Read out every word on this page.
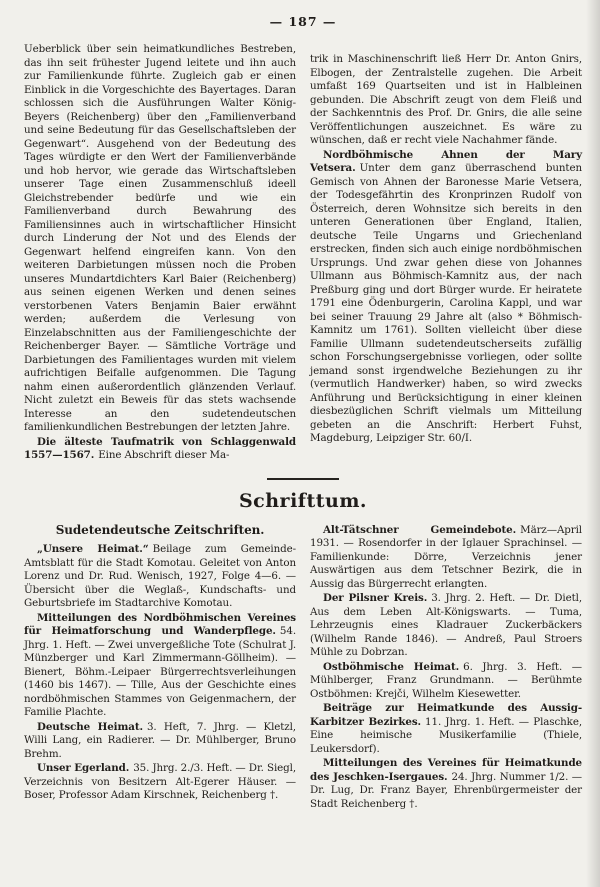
— 187 —

Ueberblick über sein heimatkundliches Bestreben, das ihn seit frühester Jugend leitete und ihn auch zur Familienkunde führte. Zugleich gab er einen Einblick in die Vorgeschichte des Bayertages. Daran schlossen sich die Ausführungen Walter König-Beyers (Reichenberg) über den „Familienverband und seine Bedeutung für das Gesellschaftsleben der Gegenwart“. Ausgehend von der Bedeutung des Tages würdigte er den Wert der Familienverbände und hob hervor, wie gerade das Wirtschaftsleben unserer Tage einen Zusammenschluß ideell Gleichstrebender bedürfe und wie ein Familienverband durch Bewahrung des Familiensinnes auch in wirtschaftlicher Hinsicht durch Linderung der Not und des Elends der Gegenwart helfend eingreifen kann. Von den weiteren Darbietungen müssen noch die Proben unseres Mundartdichters Karl Baier (Reichenberg) aus seinen eigenen Werken und denen seines verstorbenen Vaters Benjamin Baier erwähnt werden; außerdem die Verlesung von Einzelabschnitten aus der Familiengeschichte der Reichenberger Bayer. — Sämtliche Vorträge und Darbietungen des Familientages wurden mit vielem aufrichtigen Beifalle aufgenommen. Die Tagung nahm einen außerordentlich glänzenden Verlauf. Nicht zuletzt ein Beweis für das stets wachsende Interesse an den sudetendeutschen familienkundlichen Bestrebungen der letzten Jahre.

Die älteste Taufmatrik von Schlaggenwald 1557—1567. Eine Abschrift dieser Ma-

trik in Maschinenschrift ließ Herr Dr. Anton Gnirs, Elbogen, der Zentralstelle zugehen. Die Arbeit umfaßt 169 Quartseiten und ist in Halbleinen gebunden. Die Abschrift zeugt von dem Fleiß und der Sachkenntnis des Prof. Dr. Gnirs, die alle seine Veröffentlichungen auszeichnet. Es wäre zu wünschen, daß er recht viele Nachahmer fände.

Nordböhmische Ahnen der Mary Vetsera. Unter dem ganz überraschend bunten Gemisch von Ahnen der Baronesse Marie Vetsera, der Todesgefährtin des Kronprinzen Rudolf von Österreich, deren Wohnsitze sich bereits in den unteren Generationen über England, Italien, deutsche Teile Ungarns und Griechenland erstrecken, finden sich auch einige nordböhmischen Ursprungs. Und zwar gehen diese von Johannes Ullmann aus Böhmisch-Kamnitz aus, der nach Preßburg ging und dort Bürger wurde. Er heiratete 1791 eine Ödenburgerin, Carolina Kappl, und war bei seiner Trauung 29 Jahre alt (also * Böhmisch-Kamnitz um 1761). Sollten vielleicht über diese Familie Ullmann sudetendeutscherseits zufällig schon Forschungsergebnisse vorliegen, oder sollte jemand sonst irgendwelche Beziehungen zu ihr (vermutlich Handwerker) haben, so wird zwecks Anführung und Berücksichtigung in einer kleinen diesbezüglichen Schrift vielmals um Mitteilung gebeten an die Anschrift: Herbert Fuhst, Magdeburg, Leipziger Str. 60/I.

Schrifttum.
Sudetendeutsche Zeitschriften.

„Unsere Heimat.“ Beilage zum Gemeinde-Amtsblatt für die Stadt Komotau. Geleitet von Anton Lorenz und Dr. Rud. Wenisch, 1927, Folge 4—6. — Übersicht über die Weglaß-, Kundschafts- und Geburtsbriefe im Stadtarchive Komotau.

Mitteilungen des Nordböhmischen Vereines für Heimatforschung und Wanderpflege. 54. Jhrg. 1. Heft. — Zwei unvergeßliche Tote (Schulrat J. Münzberger und Karl Zimmermann-Göllheim). — Bienert, Böhm.-Leipaer Bürgerrechtsverleihungen (1460 bis 1467). — Tille, Aus der Geschichte eines nordböhmischen Stammes von Geigenmachern, der Familie Plachte.

Deutsche Heimat. 3. Heft, 7. Jhrg. — Kletzl, Willi Lang, ein Radierer. — Dr. Mühlberger, Bruno Brehm.

Unser Egerland. 35. Jhrg. 2./3. Heft. — Dr. Siegl, Verzeichnis von Besitzern Alt-Egerer Häuser. — Boser, Professor Adam Kirschnek, Reichenberg †.

Alt-Tätschner Gemeindebote. März—April 1931. — Rosendorfer in der Iglauer Sprachinsel. — Familienkunde: Dörre, Verzeichnis jener Auswärtigen aus dem Tetschner Bezirk, die in Aussig das Bürgerrecht erlangten.

Der Pilsner Kreis. 3. Jhrg. 2. Heft. — Dr. Dietl, Aus dem Leben Alt-Königswarts. — Tuma, Lehrzeugnis eines Kladrauer Zuckerbäckers (Wilhelm Rande 1846). — Andreß, Paul Stroers Mühle zu Dobrzan.

Ostböhmische Heimat. 6. Jhrg. 3. Heft. — Mühlberger, Franz Grundmann. — Berühmte Ostböhmen: Krejči, Wilhelm Kiesewetter.

Beiträge zur Heimatkunde des Aussig-Karbitzer Bezirkes. 11. Jhrg. 1. Heft. — Plaschke, Eine heimische Musikerfamilie (Thiele, Leukersdorf).

Mitteilungen des Vereines für Heimatkunde des Jeschken-Isergaues. 24. Jhrg. Nummer 1/2. — Dr. Lug, Dr. Franz Bayer, Ehrenbürgermeister der Stadt Reichenberg †.
